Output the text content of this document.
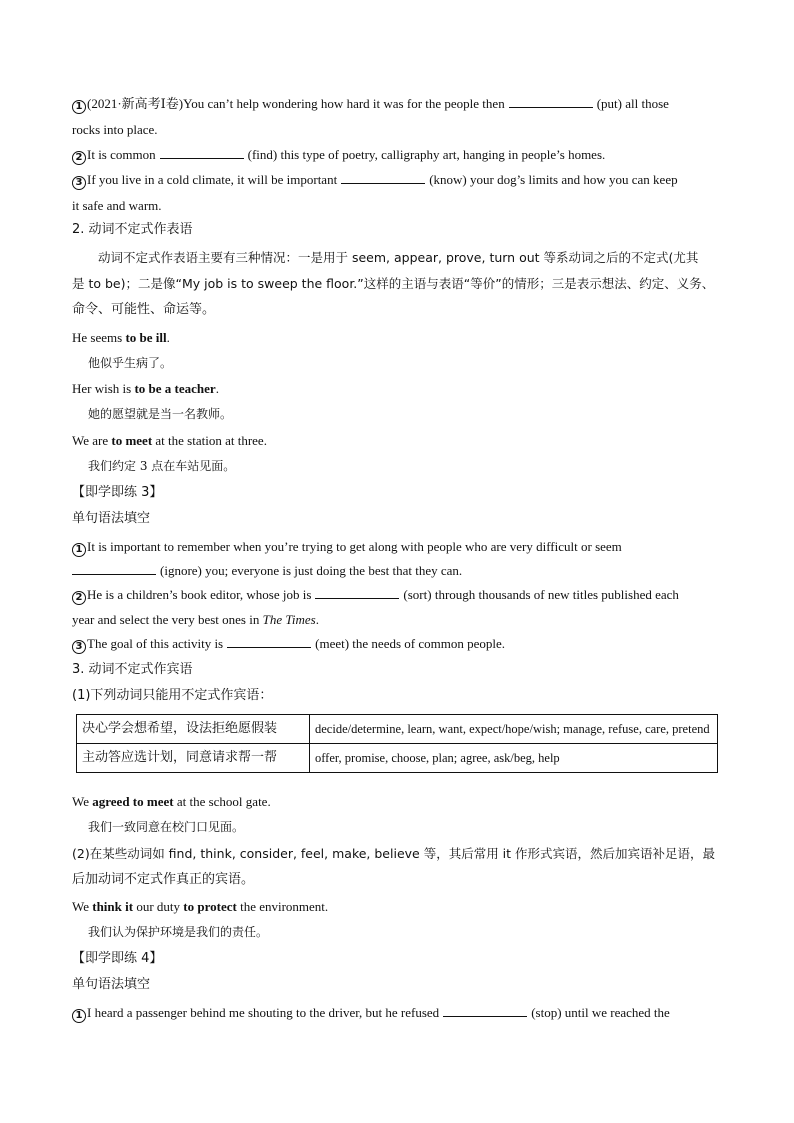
1 (2021·新高考Ⅰ卷)You can’t help wondering how hard it was for the people then	(put) all those
rocks into place.
2 It is common	(find) this type of poetry, calligraphy art, hanging in people’s homes.
3 If you live in a cold climate, it will be important	(know) your dog’s limits and how you can keep
it safe and warm.
2. 动词不定式作表语
动词不定式作表语主要有三种情况：一是用于 seem, appear, prove, turn out 等系动词之后的不定式(尤其
是 to be)；二是像“My job is to sweep the floor.”这样的主语与表语“等价”的情形；三是表示想法、约定、义务、
命令、可能性、命运等。
He seems to be ill.
他似乎生病了。
Her wish is to be a teacher.
她的愿望就是当一名教师。
We are to meet at the station at three.
我们约定 3 点在车站见面。
【即学即练 3】
单句语法填空
1 It is important to remember when you’re trying to get along with people who are very difficult or seem
(ignore) you; everyone is just doing the best that they can.
2 He is a children’s book editor, whose job is	(sort) through thousands of new titles published each
year and select the very best ones in The Times.
3 The goal of this activity is	(meet) the needs of common people.
3. 动词不定式作宾语
(1)下列动词只能用不定式作宾语：
决心学会想希望，设法拒绝愿假装	decide/determine, learn, want, expect/hope/wish; manage, refuse, care, pretend
主动答应选计划，同意请求帮一帮	offer, promise, choose, plan; agree, ask/beg, help
We agreed to meet at the school gate.
我们一致同意在校门口见面。
(2)在某些动词如 find, think, consider, feel, make, believe 等，其后常用 it 作形式宾语，然后加宾语补足语，最
后加动词不定式作真正的宾语。
We think it our duty to protect the environment.
我们认为保护环境是我们的责任。
【即学即练 4】
单句语法填空
1 I heard a passenger behind me shouting to the driver, but he refused	(stop) until we reached the
